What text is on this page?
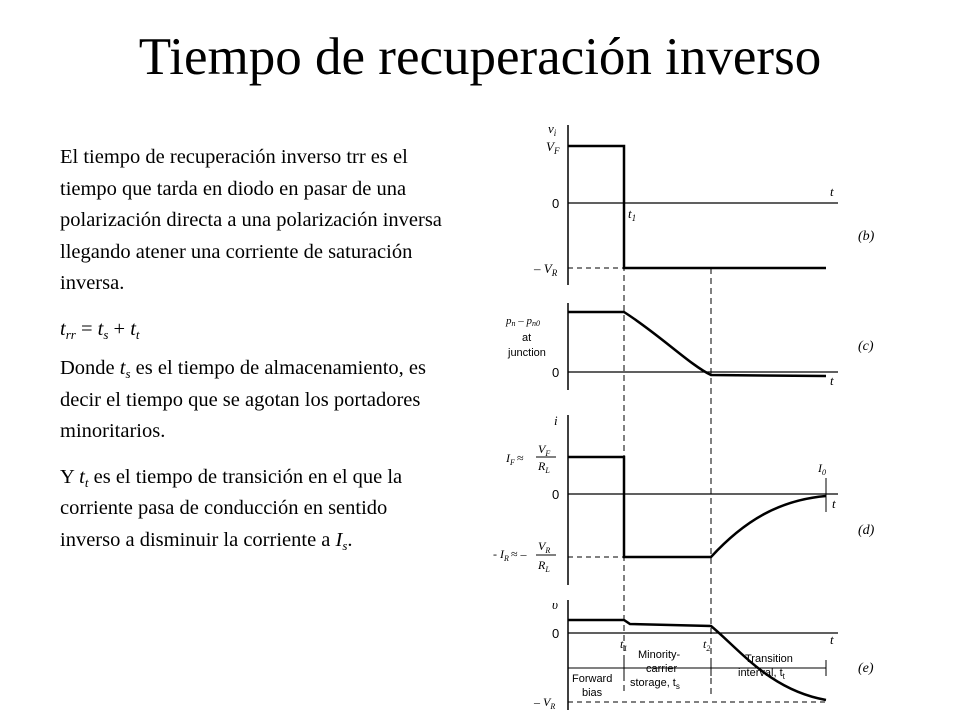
Tiempo de recuperación inverso

El tiempo de recuperación inverso trr es el tiempo que tarda en diodo en pasar de una polarización directa a una polarización inversa llegando atener una corriente de saturación inversa.

$t_{rr} = t_s + t_t$

Donde $t_s$ es el tiempo de almacenamiento, es decir el tiempo que se agotan los portadores minoritarios.

Y $t_t$ es el tiempo de transición en el que la corriente pasa de conducción en sentido inverso a disminuir la corriente a $I_s$.

$v_i$
$V_F$
0
$t_1$
t
– $V_R$
(b)
pn – pn0
at
junction
0
t
(c)
i
$I_F$ ≈
$V_F$
$R_L$
0
$I_0$
t
- $I_R$ ≈ –
$V_R$
$R_L$
(d)
υ
0
$t_1$	$t_2$
t
Forward
bias
Minority-
carrier
storage, $t_s$
Transition
interval, $t_t$
– $V_R$
(e)
